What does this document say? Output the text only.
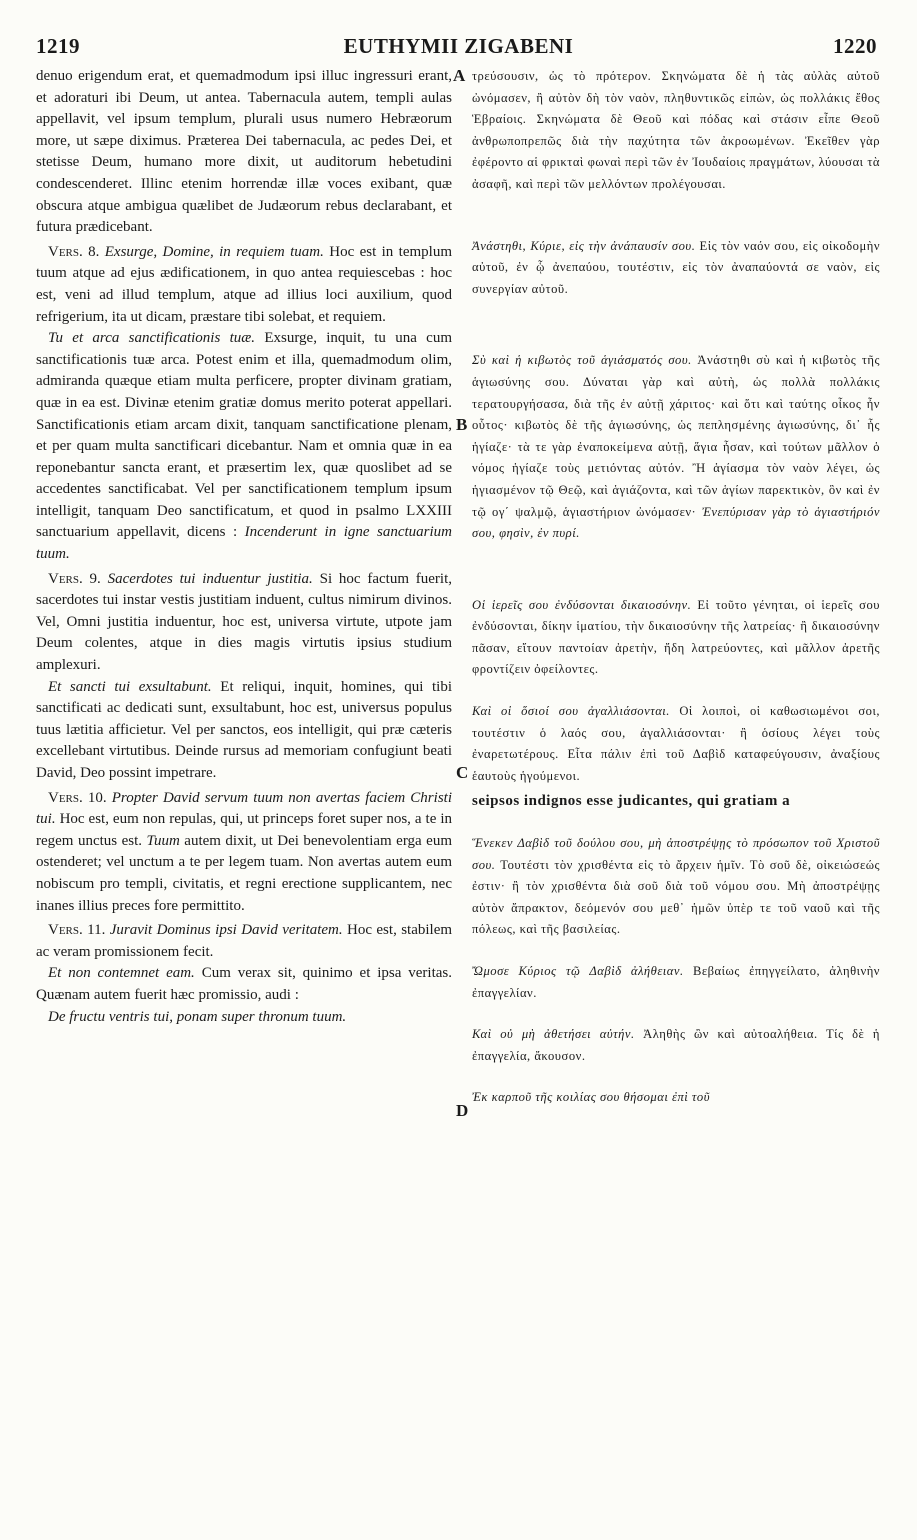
1219	EUTHYMII ZIGABENI	1220
A
B
C
D

denuo erigendum erat, et quemadmodum ipsi illuc ingressuri erant, et adoraturi ibi Deum, ut antea. Tabernacula autem, templi aulas appellavit, vel ipsum templum, plurali usus numero Hebræorum more, ut sæpe diximus. Præterea Dei tabernacula, ac pedes Dei, et stetisse Deum, humano more dixit, ut auditorum hebetudini condescenderet. Illinc etenim horrendæ illæ voces exibant, quæ obscura atque ambigua quælibet de Judæorum rebus declarabant, et futura prædicebant.

Vers. 8. Exsurge, Domine, in requiem tuam. Hoc est in templum tuum atque ad ejus ædificationem, in quo antea requiescebas : hoc est, veni ad illud templum, atque ad illius loci auxilium, quod refrigerium, ita ut dicam, præstare tibi solebat, et requiem.

Tu et arca sanctificationis tuæ. Exsurge, inquit, tu una cum sanctificationis tuæ arca. Potest enim et illa, quemadmodum olim, admiranda quæque etiam multa perficere, propter divinam gratiam, quæ in ea est. Divinæ etenim gratiæ domus merito poterat appellari. Sanctificationis etiam arcam dixit, tanquam sanctificatione plenam, et per quam multa sanctificari dicebantur. Nam et omnia quæ in ea reponebantur sancta erant, et præsertim lex, quæ quoslibet ad se accedentes sanctificabat. Vel per sanctificationem templum ipsum intelligit, tanquam Deo sanctificatum, et quod in psalmo LXXIII sanctuarium appellavit, dicens : Incenderunt in igne sanctuarium tuum.

Vers. 9. Sacerdotes tui induentur justitia. Si hoc factum fuerit, sacerdotes tui instar vestis justitiam induent, cultus nimirum divinos. Vel, Omni justitia induentur, hoc est, universa virtute, utpote jam Deum colentes, atque in dies magis virtutis ipsius studium amplexuri.

Et sancti tui exsultabunt. Et reliqui, inquit, homines, qui tibi sanctificati ac dedicati sunt, exsultabunt, hoc est, universus populus tuus lætitia afficietur. Vel per sanctos, eos intelligit, qui præ cæteris excellebant virtutibus. Deinde rursus ad memoriam confugiunt beati David, Deo possint impetrare.

Vers. 10. Propter David servum tuum non avertas faciem Christi tui. Hoc est, eum non repulas, qui, ut princeps foret super nos, a te in regem unctus est. Tuum autem dixit, ut Dei benevolentiam erga eum ostenderet; vel unctum a te per legem tuam. Non avertas autem eum nobiscum pro templi, civitatis, et regni erectione supplicantem, nec inanes illius preces fore permittito.

Vers. 11. Juravit Dominus ipsi David veritatem. Hoc est, stabilem ac veram promissionem fecit.

Et non contemnet eam. Cum verax sit, quinimo et ipsa veritas. Quænam autem fuerit hæc promissio, audi :

De fructu ventris tui, ponam super thronum tuum.

τρεύσουσιν, ὡς τὸ πρότερον. Σκηνώματα δὲ ἡ τὰς αὐλὰς αὐτοῦ ὠνόμασεν, ἢ αὐτὸν δὴ τὸν ναὸν, πληθυντικῶς εἰπὼν, ὡς πολλάκις ἔθος Ἑβραίοις. Σκηνώματα δὲ Θεοῦ καὶ πόδας καὶ στάσιν εἶπε Θεοῦ ἀνθρωποπρεπῶς διὰ τὴν παχύτητα τῶν ἀκροωμένων. Ἐκεῖθεν γὰρ ἐφέροντο αἱ φρικταὶ φωναὶ περὶ τῶν ἐν Ἰουδαίοις πραγμάτων, λύουσαι τὰ ἀσαφῆ, καὶ περὶ τῶν μελλόντων προλέγουσαι.

Ἀνάστηθι, Κύριε, εἰς τὴν ἀνάπαυσίν σου. Εἰς τὸν ναόν σου, εἰς οἰκοδομὴν αὐτοῦ, ἐν ᾧ ἀνεπαύου, τουτέστιν, εἰς τὸν ἀναπαύοντά σε ναὸν, εἰς συνεργίαν αὐτοῦ.

Σὺ καὶ ἡ κιβωτὸς τοῦ ἁγιάσματός σου. Ἀνάστηθι σὺ καὶ ἡ κιβωτὸς τῆς ἁγιωσύνης σου. Δύναται γὰρ καὶ αὐτὴ, ὡς πολλὰ πολλάκις τερατουργήσασα, διὰ τῆς ἐν αὐτῇ χάριτος· καὶ ὅτι καὶ ταύτης οἶκος ἦν οὗτος· κιβωτὸς δὲ τῆς ἁγιωσύνης, ὡς πεπλησμένης ἁγιωσύνης, δι᾽ ἧς ἡγίαζε· τὰ τε γὰρ ἐναποκείμενα αὐτῇ, ἅγια ἦσαν, καὶ τούτων μᾶλλον ὁ νόμος ἡγίαζε τοὺς μετιόντας αὐτόν. Ἢ ἁγίασμα τὸν ναὸν λέγει, ὡς ἡγιασμένον τῷ Θεῷ, καὶ ἁγιάζοντα, καὶ τῶν ἁγίων παρεκτικὸν, ὃν καὶ ἐν τῷ ογ΄ ψαλμῷ, ἁγιαστήριον ὠνόμασεν· Ἐνεπύρισαν γὰρ τὸ ἁγιαστήριόν σου, φησὶν, ἐν πυρί.

Οἱ ἱερεῖς σου ἐνδύσονται δικαιοσύνην. Εἰ τοῦτο γένηται, οἱ ἱερεῖς σου ἐνδύσονται, δίκην ἱματίου, τὴν δικαιοσύνην τῆς λατρείας· ἢ δικαιοσύνην πᾶσαν, εἴτουν παντοίαν ἀρετὴν, ἤδη λατρεύοντες, καὶ μᾶλλον ἀρετῆς φροντίζειν ὀφείλοντες.

Καὶ οἱ ὅσιοί σου ἀγαλλιάσονται. Οἱ λοιποὶ, οἱ καθωσιωμένοι σοι, τουτέστιν ὁ λαός σου, ἀγαλλιάσονται· ἢ ὁσίους λέγει τοὺς ἐναρετωτέρους. Εἶτα πάλιν ἐπὶ τοῦ Δαβὶδ καταφεύγουσιν, ἀναξίους ἑαυτοὺς ἡγούμενοι.

seipsos indignos esse judicantes, qui gratiam a

Ἕνεκεν Δαβὶδ τοῦ δούλου σου, μὴ ἀποστρέψῃς τὸ πρόσωπον τοῦ Χριστοῦ σου. Τουτέστι τὸν χρισθέντα εἰς τὸ ἄρχειν ἡμῖν. Τὸ σοῦ δὲ, οἰκειώσεώς ἐστιν· ἢ τὸν χρισθέντα διὰ σοῦ διὰ τοῦ νόμου σου. Μὴ ἀποστρέψῃς αὐτὸν ἄπρακτον, δεόμενόν σου μεθ᾽ ἡμῶν ὑπὲρ τε τοῦ ναοῦ καὶ τῆς πόλεως, καὶ τῆς βασιλείας.

Ὤμοσε Κύριος τῷ Δαβὶδ ἀλήθειαν. Βεβαίως ἐπηγγείλατο, ἀληθινὴν ἐπαγγελίαν.

Καὶ οὐ μὴ ἀθετήσει αὐτήν. Ἀληθὴς ὢν καὶ αὐτοαλήθεια. Τίς δὲ ἡ ἐπαγγελία, ἄκουσον.

Ἐκ καρποῦ τῆς κοιλίας σου θήσομαι ἐπὶ τοῦ
